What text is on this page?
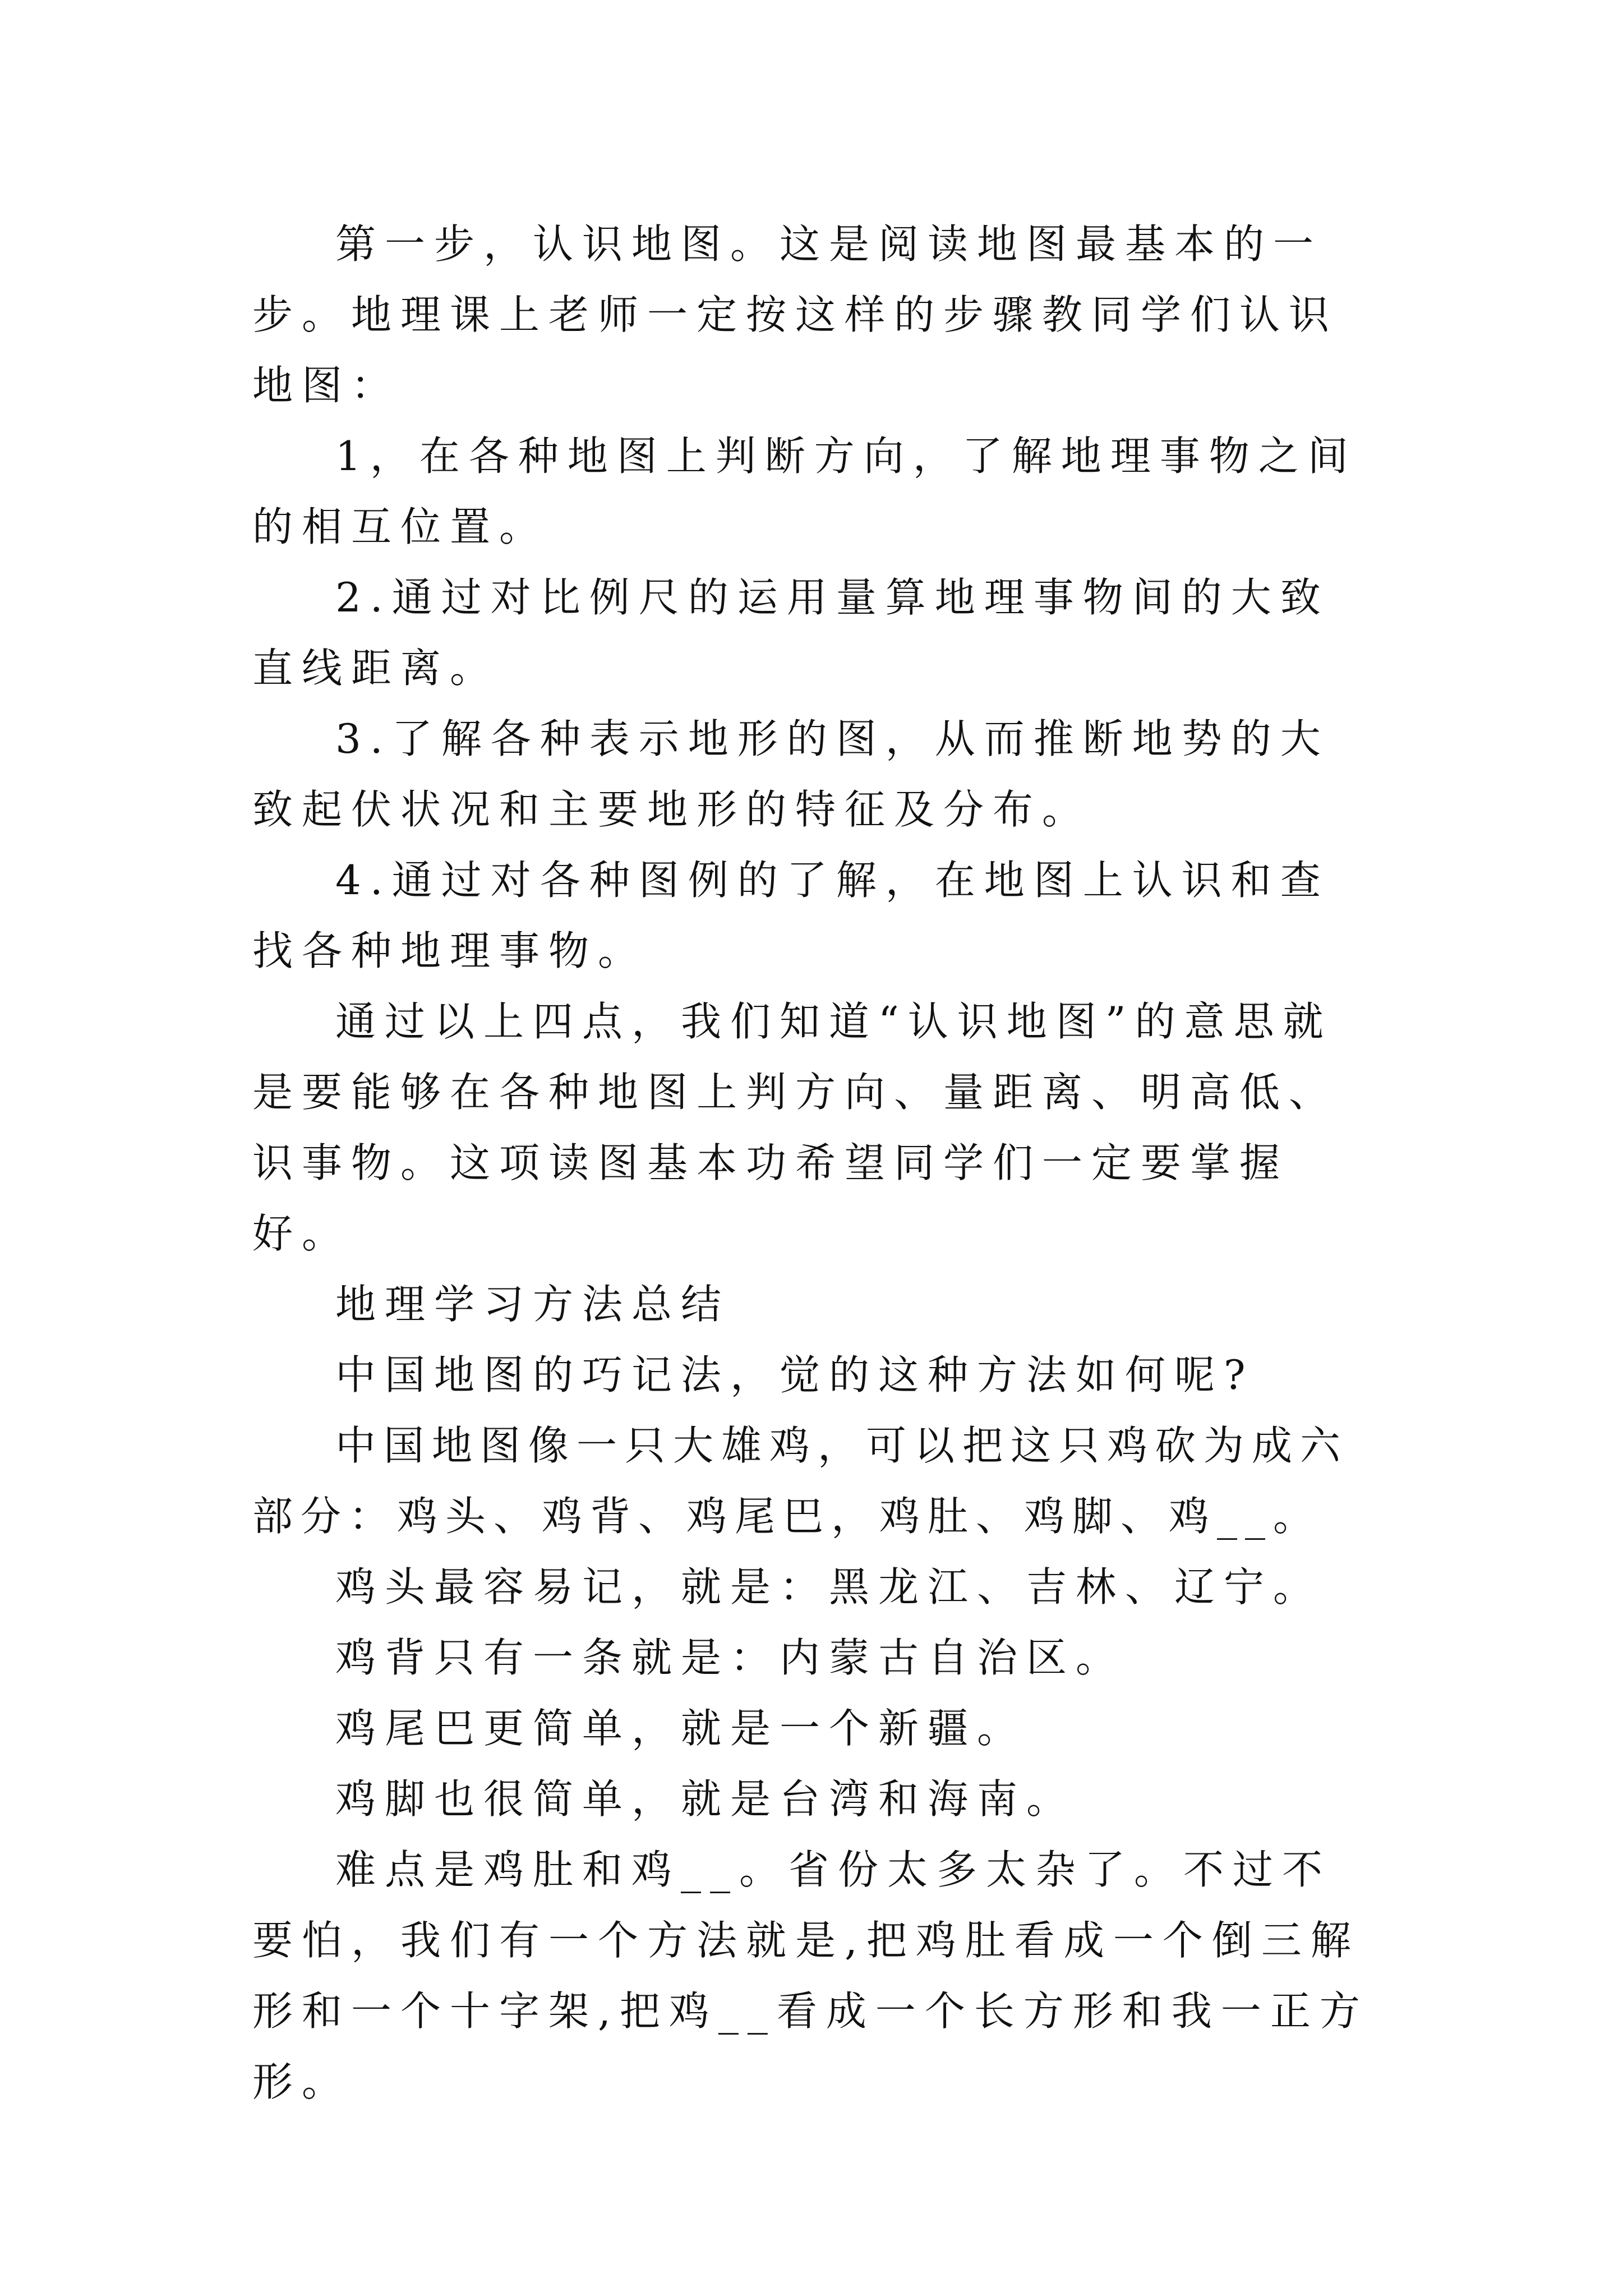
第一步，认识地图。这是阅读地图最基本的一步。地理课上老师一定按这样的步骤教同学们认识地图：

1，在各种地图上判断方向，了解地理事物之间的相互位置。

2.通过对比例尺的运用量算地理事物间的大致直线距离。

3.了解各种表示地形的图，从而推断地势的大致起伏状况和主要地形的特征及分布。

4.通过对各种图例的了解，在地图上认识和查找各种地理事物。

通过以上四点，我们知道“认识地图”的意思就是要能够在各种地图上判方向、量距离、明高低、识事物。这项读图基本功希望同学们一定要掌握好。

地理学习方法总结

中国地图的巧记法，觉的这种方法如何呢?

中国地图像一只大雄鸡，可以把这只鸡砍为成六部分：鸡头、鸡背、鸡尾巴，鸡肚、鸡脚、鸡__。

鸡头最容易记，就是：黑龙江、吉林、辽宁。

鸡背只有一条就是：内蒙古自治区。

鸡尾巴更简单，就是一个新疆。

鸡脚也很简单，就是台湾和海南。

难点是鸡肚和鸡__。省份太多太杂了。不过不要怕，我们有一个方法就是,把鸡肚看成一个倒三解形和一个十字架,把鸡__看成一个长方形和我一正方形。
